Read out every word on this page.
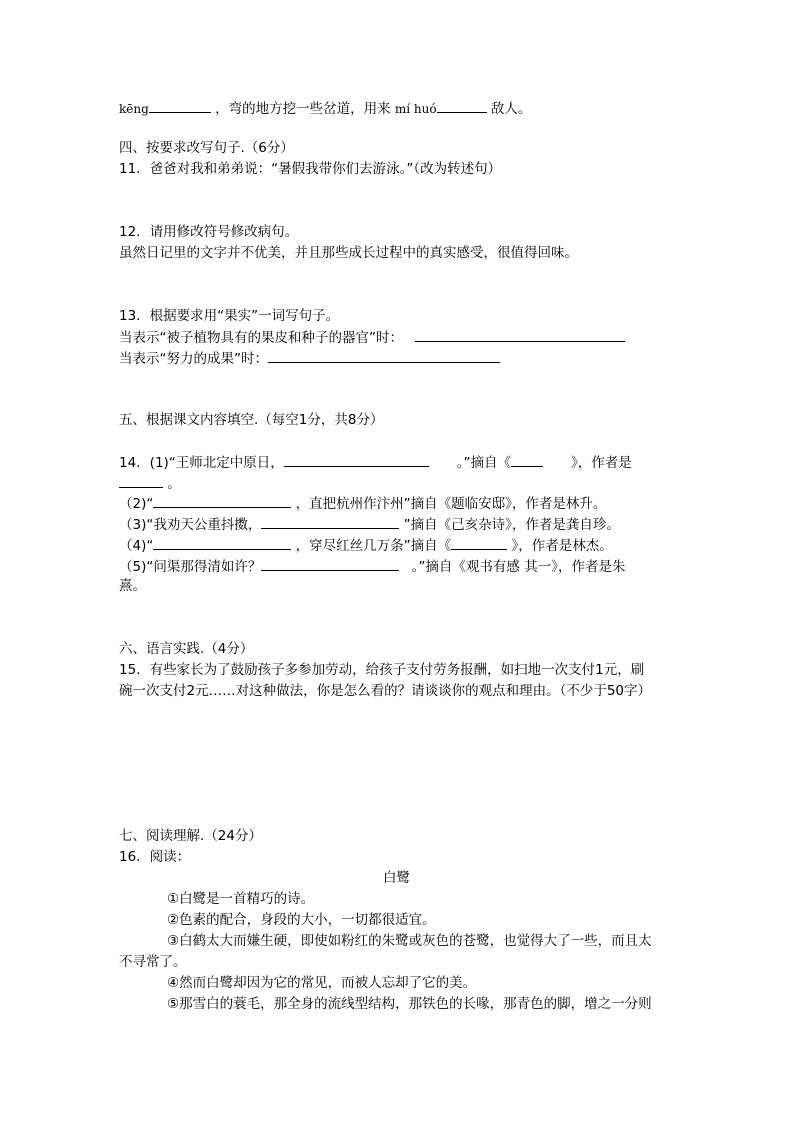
kēng	，弯的地方挖一些岔道，用来 mí huó	敌人。
四、按要求改写句子.（6分）
11．爸爸对我和弟弟说：“暑假我带你们去游泳。”（改为转述句）
12．请用修改符号修改病句。
虽然日记里的文字并不优美，并且那些成长过程中的真实感受，很值得回味。
13．根据要求用“果实”一词写句子。
当表示“被子植物具有的果皮和种子的器官”时：
当表示“努力的成果”时：
五、根据课文内容填空.（每空1分，共8分）
14．(1)“王师北定中原日，	。”摘自《	》，作者是
。
（2)“	，直把杭州作汴州”摘自《题临安邸》，作者是林升。
（3)“我劝天公重抖擞，	”摘自《己亥杂诗》，作者是龚自珍。
（4)“	，穿尽红丝几万条”摘自《	》，作者是林杰。
（5)“问渠那得清如许？	。”摘自《观书有感 其一》，作者是朱
熹。
六、语言实践.（4分）
15．有些家长为了鼓励孩子多参加劳动，给孩子支付劳务报酬，如扫地一次支付1元，刷
碗一次支付2元……对这种做法，你是怎么看的？请谈谈你的观点和理由。（不少于50字）
七、阅读理解.（24分）
16．阅读：
白鹭
①白鹭是一首精巧的诗。
②色素的配合，身段的大小，一切都很适宜。
③白鹤太大而嫌生硬，即使如粉红的朱鹭或灰色的苍鹭，也觉得大了一些，而且太
不寻常了。
④然而白鹭却因为它的常见，而被人忘却了它的美。
⑤那雪白的蓑毛，那全身的流线型结构，那铁色的长喙，那青色的脚，增之一分则
